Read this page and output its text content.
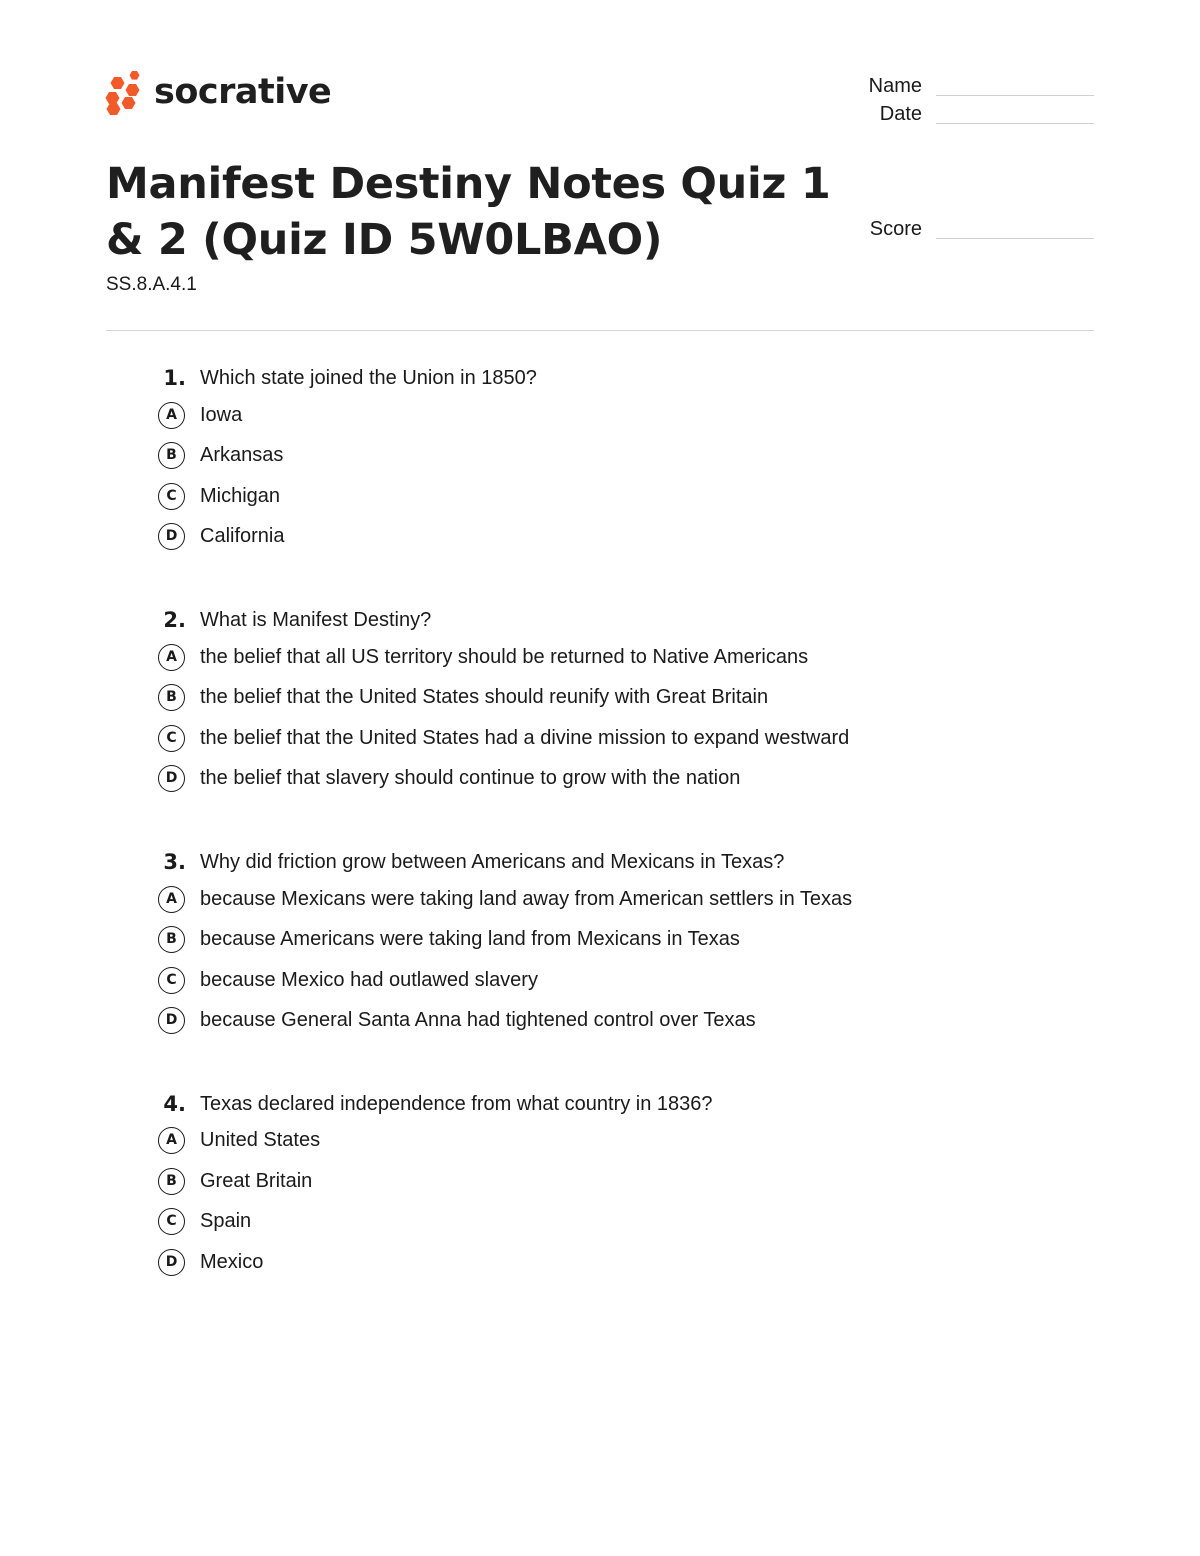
socrative	Name
Date
Score
Manifest Destiny Notes Quiz 1 & 2 (Quiz ID 5W0LBAO)
SS.8.A.4.1
1. Which state joined the Union in 1850?
A	Iowa
B	Arkansas
C	Michigan
D	California
2. What is Manifest Destiny?
A	the belief that all US territory should be returned to Native Americans
B	the belief that the United States should reunify with Great Britain
C	the belief that the United States had a divine mission to expand westward
D	the belief that slavery should continue to grow with the nation
3. Why did friction grow between Americans and Mexicans in Texas?
A	because Mexicans were taking land away from American settlers in Texas
B	because Americans were taking land from Mexicans in Texas
C	because Mexico had outlawed slavery
D	because General Santa Anna had tightened control over Texas
4. Texas declared independence from what country in 1836?
A	United States
B	Great Britain
C	Spain
D	Mexico
